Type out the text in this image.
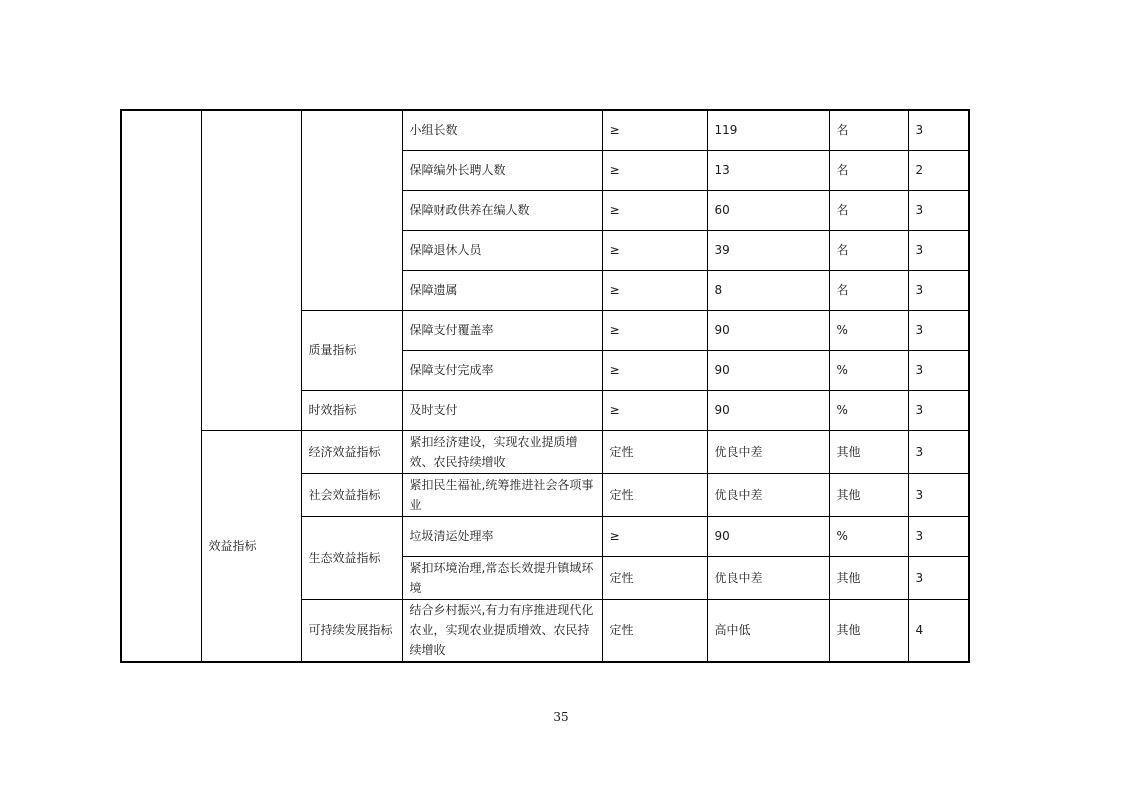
			小组长数	≥	119	名	3
			保障编外长聘人数	≥	13	名	2
			保障财政供养在编人数	≥	60	名	3
			保障退休人员	≥	39	名	3
			保障遗属	≥	8	名	3
		质量指标	保障支付覆盖率	≥	90	%	3
			保障支付完成率	≥	90	%	3
		时效指标	及时支付	≥	90	%	3
	效益指标	经济效益指标	紧扣经济建设，实现农业提质增效、农民持续增收	定性	优良中差	其他	3
		社会效益指标	紧扣民生福祉,统筹推进社会各项事业	定性	优良中差	其他	3
		生态效益指标	垃圾清运处理率	≥	90	%	3
			紧扣环境治理,常态长效提升镇域环境	定性	优良中差	其他	3
		可持续发展指标	结合乡村振兴,有力有序推进现代化农业，实现农业提质增效、农民持续增收	定性	高中低	其他	4
35
